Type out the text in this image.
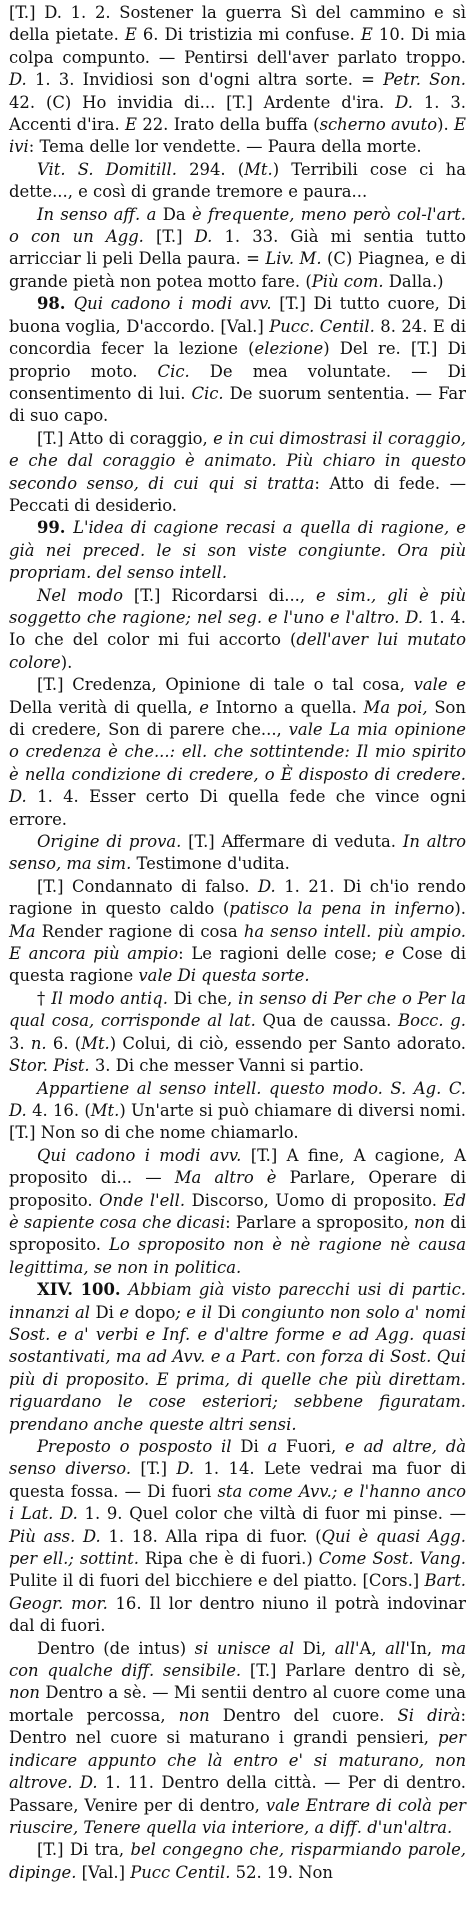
[T.] D. 1. 2. Sostener la guerra Sì del cammino e sì della pietate. E 6. Di tristizia mi confuse. E 10. Di mia colpa compunto. — Pentirsi dell'aver parlato troppo. D. 1. 3. Invidiosi son d'ogni altra sorte. = Petr. Son. 42. (C) Ho invidia di... [T.] Ardente d'ira. D. 1. 3. Accenti d'ira. E 22. Irato della buffa (scherno avuto). E ivi: Tema delle lor vendette. — Paura della morte.

Vit. S. Domitill. 294. (Mt.) Terribili cose ci ha dette..., e così di grande tremore e paura...

In senso aff. a Da è frequente, meno però col-l'art. o con un Agg. [T.] D. 1. 33. Già mi sentia tutto arricciar li peli Della paura. = Liv. M. (C) Piagnea, e di grande pietà non potea motto fare. (Più com. Dalla.)

98. Qui cadono i modi avv. [T.] Di tutto cuore, Di buona voglia, D'accordo. [Val.] Pucc. Centil. 8. 24. E di concordia fecer la lezione (elezione) Del re. [T.] Di proprio moto. Cic. De mea voluntate. — Di consentimento di lui. Cic. De suorum sententia. — Far di suo capo.

[T.] Atto di coraggio, e in cui dimostrasi il coraggio, e che dal coraggio è animato. Più chiaro in questo secondo senso, di cui qui si tratta: Atto di fede. — Peccati di desiderio.

99. L'idea di cagione recasi a quella di ragione, e già nei preced. le si son viste congiunte. Ora più propriam. del senso intell.

Nel modo [T.] Ricordarsi di..., e sim., gli è più soggetto che ragione; nel seg. e l'uno e l'altro. D. 1. 4. Io che del color mi fui accorto (dell'aver lui mutato colore).

[T.] Credenza, Opinione di tale o tal cosa, vale e Della verità di quella, e Intorno a quella. Ma poi, Son di credere, Son di parere che..., vale La mia opinione o credenza è che...: ell. che sottintende: Il mio spirito è nella condizione di credere, o È disposto di credere. D. 1. 4. Esser certo Di quella fede che vince ogni errore.

Origine di prova. [T.] Affermare di veduta. In altro senso, ma sim. Testimone d'udita.

[T.] Condannato di falso. D. 1. 21. Di ch'io rendo ragione in questo caldo (patisco la pena in inferno). Ma Render ragione di cosa ha senso intell. più ampio. E ancora più ampio: Le ragioni delle cose; e Cose di questa ragione vale Di questa sorte.

† Il modo antiq. Di che, in senso di Per che o Per la qual cosa, corrisponde al lat. Qua de caussa. Bocc. g. 3. n. 6. (Mt.) Colui, di ciò, essendo per Santo adorato. Stor. Pist. 3. Di che messer Vanni si partio.

Appartiene al senso intell. questo modo. S. Ag. C. D. 4. 16. (Mt.) Un'arte si può chiamare di diversi nomi. [T.] Non so di che nome chiamarlo.

Qui cadono i modi avv. [T.] A fine, A cagione, A proposito di... — Ma altro è Parlare, Operare di proposito. Onde l'ell. Discorso, Uomo di proposito. Ed è sapiente cosa che dicasi: Parlare a sproposito, non di sproposito. Lo sproposito non è nè ragione nè causa legittima, se non in politica.

XIV. 100. Abbiam già visto parecchi usi di partic. innanzi al Di e dopo; e il Di congiunto non solo a' nomi Sost. e a' verbi e Inf. e d'altre forme e ad Agg. quasi sostantivati, ma ad Avv. e a Part. con forza di Sost. Qui più di proposito. E prima, di quelle che più direttam. riguardano le cose esteriori; sebbene figuratam. prendano anche queste altri sensi.

Preposto o posposto il Di a Fuori, e ad altre, dà senso diverso. [T.] D. 1. 14. Lete vedrai ma fuor di questa fossa. — Di fuori sta come Avv.; e l'hanno anco i Lat. D. 1. 9. Quel color che viltà di fuor mi pinse. — Più ass. D. 1. 18. Alla ripa di fuor. (Qui è quasi Agg. per ell.; sottint. Ripa che è di fuori.) Come Sost. Vang. Pulite il di fuori del bicchiere e del piatto. [Cors.] Bart. Geogr. mor. 16. Il lor dentro niuno il potrà indovinar dal di fuori.

Dentro (de intus) si unisce al Di, all'A, all'In, ma con qualche diff. sensibile. [T.] Parlare dentro di sè, non Dentro a sè. — Mi sentii dentro al cuore come una mortale percossa, non Dentro del cuore. Si dirà: Dentro nel cuore si maturano i grandi pensieri, per indicare appunto che là entro e' si maturano, non altrove. D. 1. 11. Dentro della città. — Per di dentro. Passare, Venire per di dentro, vale Entrare di colà per riuscire, Tenere quella via interiore, a diff. d'un'altra.

[T.] Di tra, bel congegno che, risparmiando parole, dipinge. [Val.] Pucc Centil. 52. 19. Non
